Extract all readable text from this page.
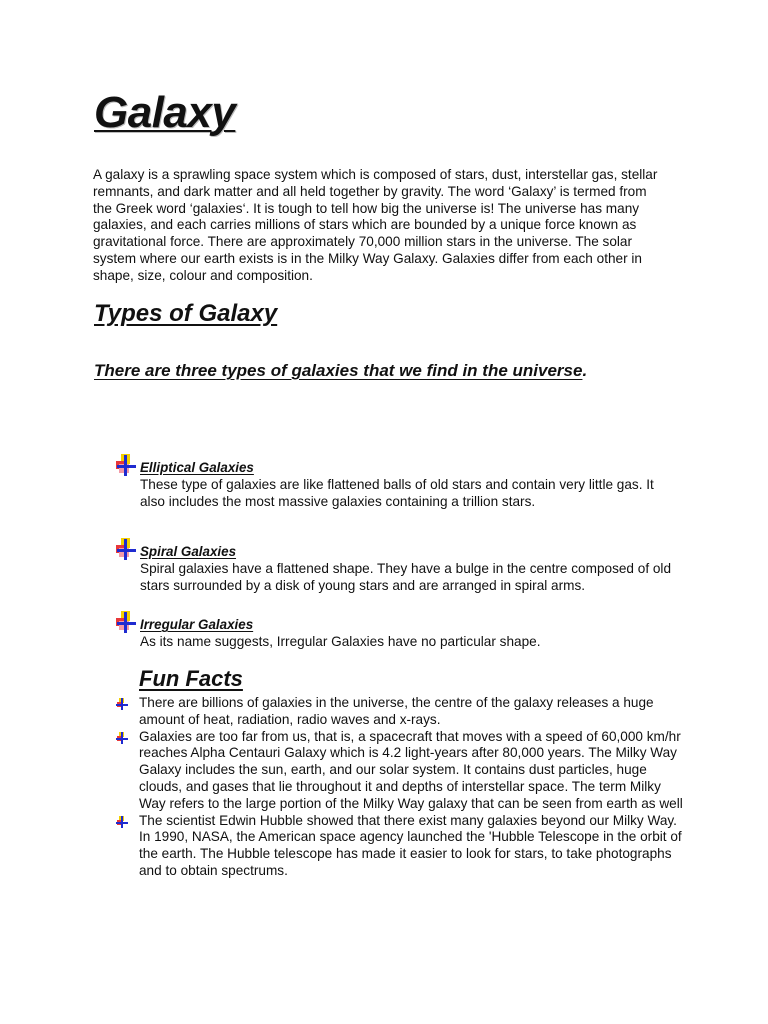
Galaxy

A galaxy is a sprawling space system which is composed of stars, dust, interstellar gas, stellar remnants, and dark matter and all held together by gravity. The word ‘Galaxy’ is termed from the Greek word ‘galaxies‘. It is tough to tell how big the universe is! The universe has many galaxies, and each carries millions of stars which are bounded by a unique force known as gravitational force. There are approximately 70,000 million stars in the universe. The solar system where our earth exists is in the Milky Way Galaxy. Galaxies differ from each other in shape, size, colour and composition.

Types of Galaxy

There are three types of galaxies that we find in the universe.

Elliptical Galaxies
These type of galaxies are like flattened balls of old stars and contain very little gas. It also includes the most massive galaxies containing a trillion stars.
Spiral Galaxies
Spiral galaxies have a flattened shape. They have a bulge in the centre composed of old stars surrounded by a disk of young stars and are arranged in spiral arms.
Irregular Galaxies
As its name suggests, Irregular Galaxies have no particular shape.
Fun Facts
There are billions of galaxies in the universe, the centre of the galaxy releases a huge amount of heat, radiation, radio waves and x-rays.
Galaxies are too far from us, that is, a spacecraft that moves with a speed of 60,000 km/hr reaches Alpha Centauri Galaxy which is 4.2 light-years after 80,000 years. The Milky Way Galaxy includes the sun, earth, and our solar system. It contains dust particles, huge clouds, and gases that lie throughout it and depths of interstellar space. The term Milky Way refers to the large portion of the Milky Way galaxy that can be seen from earth as well
The scientist Edwin Hubble showed that there exist many galaxies beyond our Milky Way. In 1990, NASA, the American space agency launched the 'Hubble Telescope in the orbit of the earth. The Hubble telescope has made it easier to look for stars, to take photographs and to obtain spectrums.
